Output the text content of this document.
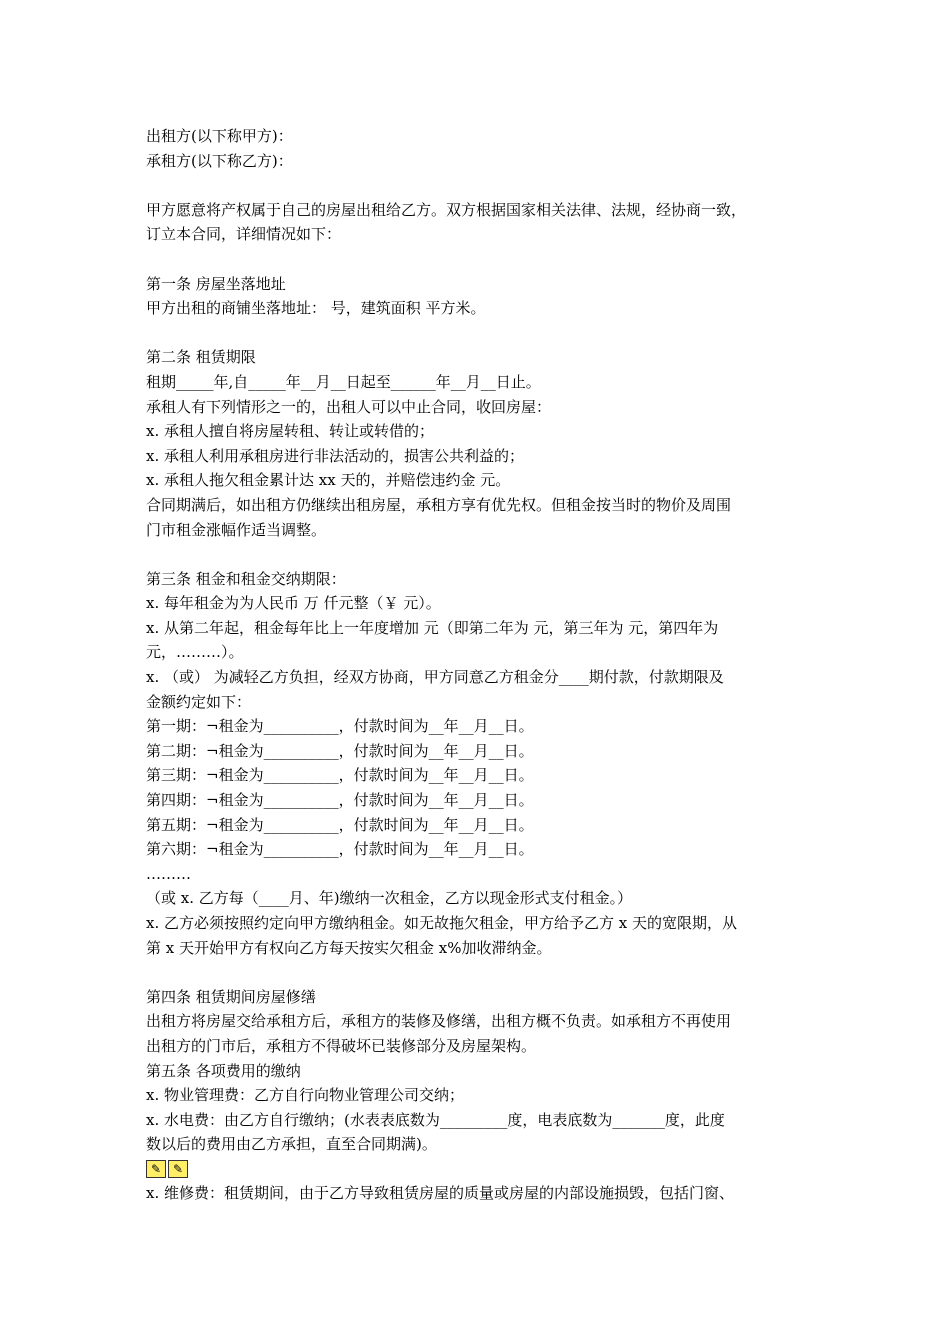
出租方(以下称甲方)：
承租方(以下称乙方)：
甲方愿意将产权属于自己的房屋出租给乙方。双方根据国家相关法律、法规，经协商一致，
订立本合同，详细情况如下：
第一条 房屋坐落地址
甲方出租的商铺坐落地址： 号，建筑面积 平方米。
第二条 租赁期限
租期_____年,自_____年__月__日起至______年__月__日止。
承租人有下列情形之一的，出租人可以中止合同，收回房屋：
x. 承租人擅自将房屋转租、转让或转借的；
x. 承租人利用承租房进行非法活动的，损害公共利益的；
x. 承租人拖欠租金累计达 xx 天的，并赔偿违约金 元。
合同期满后，如出租方仍继续出租房屋，承租方享有优先权。但租金按当时的物价及周围
门市租金涨幅作适当调整。
第三条 租金和租金交纳期限：
x. 每年租金为为人民币 万 仟元整（￥ 元）。
x. 从第二年起，租金每年比上一年度增加 元（即第二年为 元，第三年为 元，第四年为
元，………）。
x. （或） 为减轻乙方负担，经双方协商，甲方同意乙方租金分____期付款，付款期限及
金额约定如下：
第一期：¬租金为__________，付款时间为__年__月__日。
第二期：¬租金为__________，付款时间为__年__月__日。
第三期：¬租金为__________，付款时间为__年__月__日。
第四期：¬租金为__________，付款时间为__年__月__日。
第五期：¬租金为__________，付款时间为__年__月__日。
第六期：¬租金为__________，付款时间为__年__月__日。
………
（或 x. 乙方每（____月、年)缴纳一次租金，乙方以现金形式支付租金。）
x. 乙方必须按照约定向甲方缴纳租金。如无故拖欠租金，甲方给予乙方 x 天的宽限期，从
第 x 天开始甲方有权向乙方每天按实欠租金 x%加收滞纳金。
第四条 租赁期间房屋修缮
出租方将房屋交给承租方后，承租方的装修及修缮，出租方概不负责。如承租方不再使用
出租方的门市后，承租方不得破坏已装修部分及房屋架构。
第五条 各项费用的缴纳
x. 物业管理费：乙方自行向物业管理公司交纳；
x. 水电费：由乙方自行缴纳；(水表表底数为_________度，电表底数为_______度，此度
数以后的费用由乙方承担，直至合同期满)。
✎ ✎
x. 维修费：租赁期间，由于乙方导致租赁房屋的质量或房屋的内部设施损毁，包括门窗、
